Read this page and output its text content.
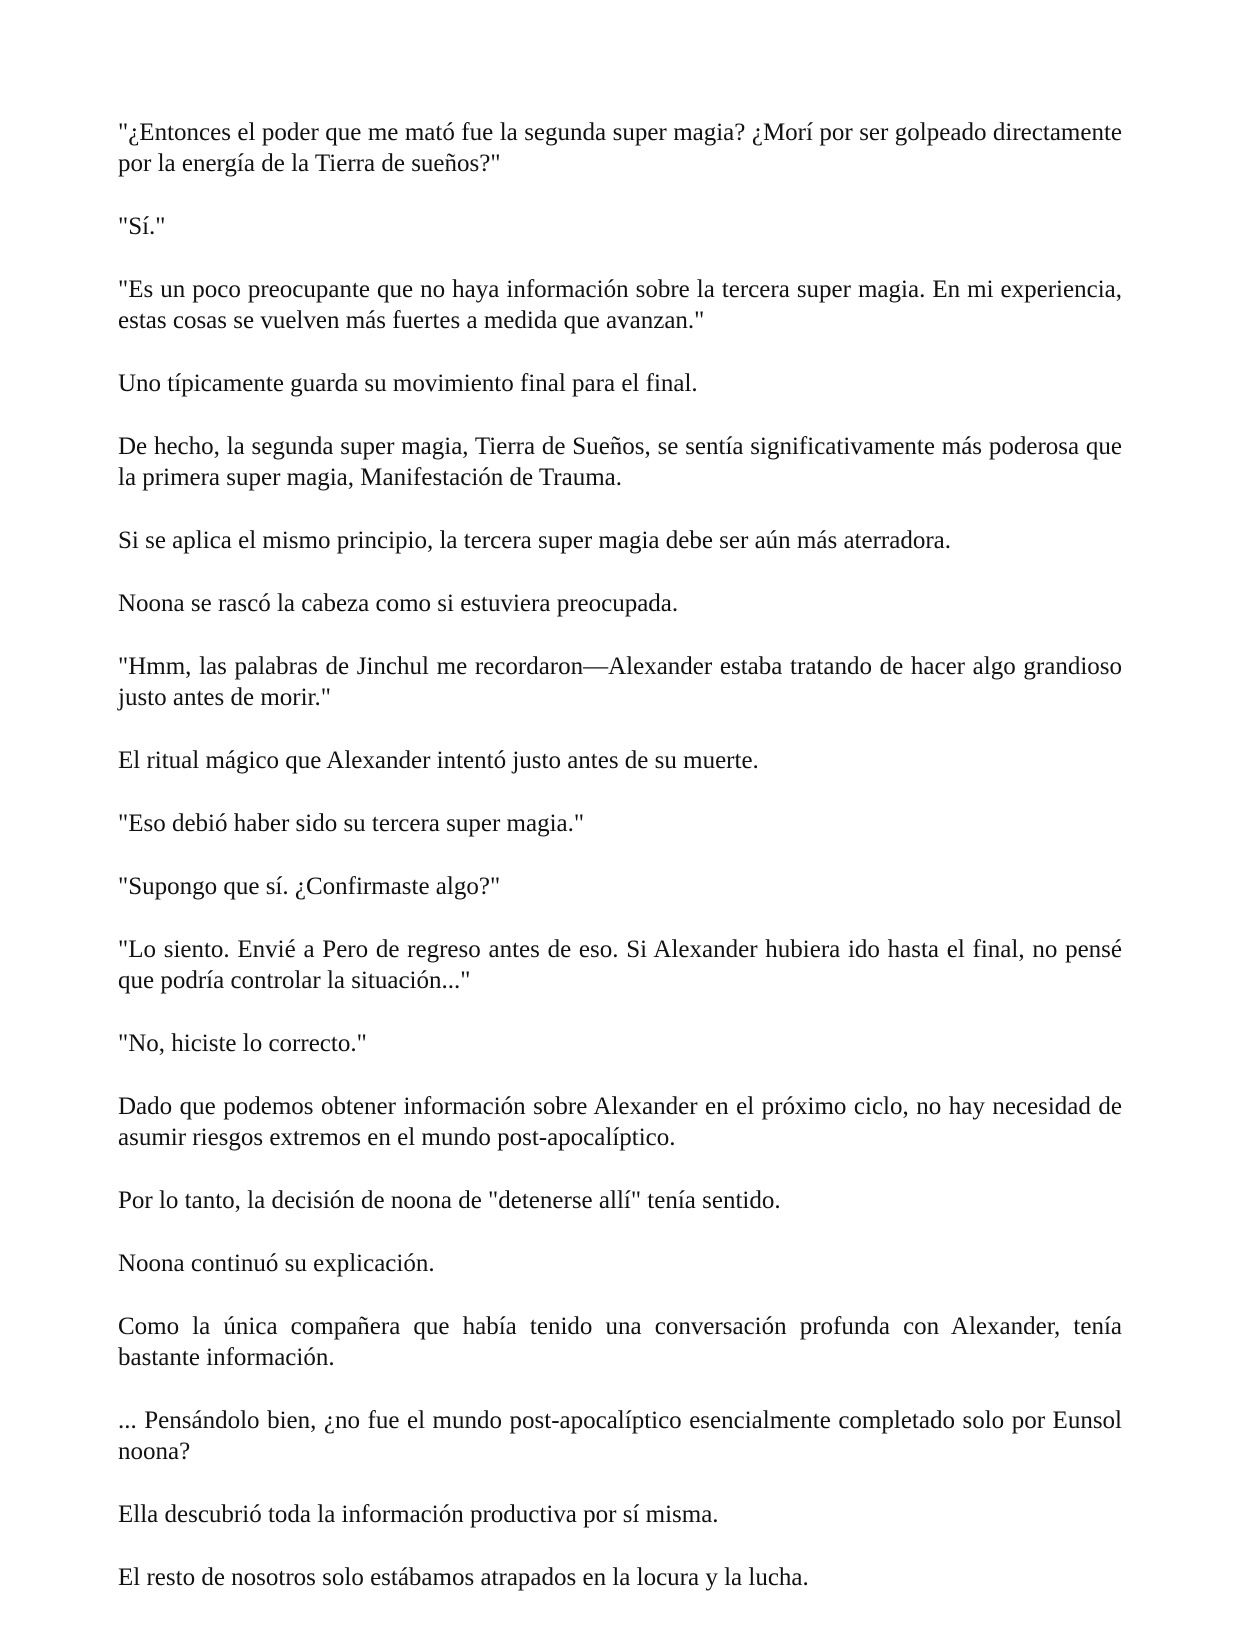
"¿Entonces el poder que me mató fue la segunda super magia? ¿Morí por ser golpeado directamente por la energía de la Tierra de sueños?"

"Sí."

"Es un poco preocupante que no haya información sobre la tercera super magia. En mi experiencia, estas cosas se vuelven más fuertes a medida que avanzan."

Uno típicamente guarda su movimiento final para el final.

De hecho, la segunda super magia, Tierra de Sueños, se sentía significativamente más poderosa que la primera super magia, Manifestación de Trauma.

Si se aplica el mismo principio, la tercera super magia debe ser aún más aterradora.

Noona se rascó la cabeza como si estuviera preocupada.

"Hmm, las palabras de Jinchul me recordaron—Alexander estaba tratando de hacer algo grandioso justo antes de morir."

El ritual mágico que Alexander intentó justo antes de su muerte.

"Eso debió haber sido su tercera super magia."

"Supongo que sí. ¿Confirmaste algo?"

"Lo siento. Envié a Pero de regreso antes de eso. Si Alexander hubiera ido hasta el final, no pensé que podría controlar la situación..."

"No, hiciste lo correcto."

Dado que podemos obtener información sobre Alexander en el próximo ciclo, no hay necesidad de asumir riesgos extremos en el mundo post-apocalíptico.

Por lo tanto, la decisión de noona de "detenerse allí" tenía sentido.

Noona continuó su explicación.

Como la única compañera que había tenido una conversación profunda con Alexander, tenía bastante información.

... Pensándolo bien, ¿no fue el mundo post-apocalíptico esencialmente completado solo por Eunsol noona?

Ella descubrió toda la información productiva por sí misma.

El resto de nosotros solo estábamos atrapados en la locura y la lucha.
